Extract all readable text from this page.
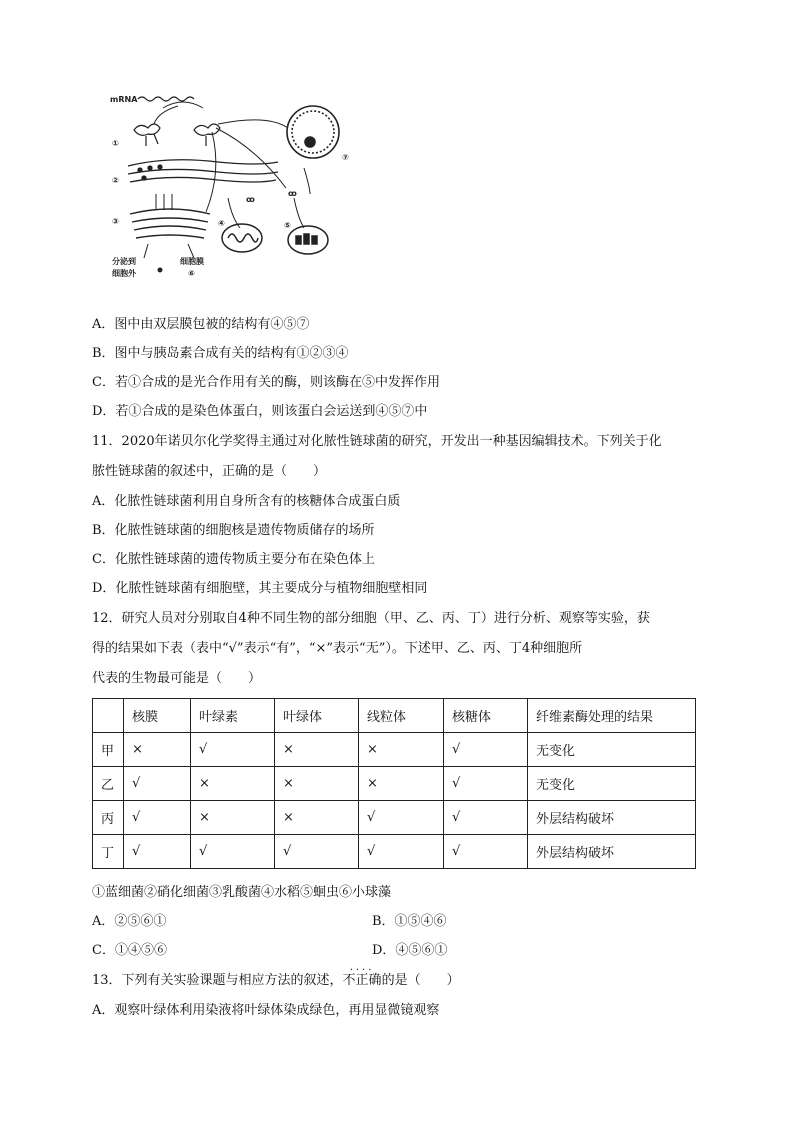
mRNA
①
②
③
分泌到
细胞外
细胞膜
⑥
ꝏ
ꝏ
⑦
④	⑤
A．图中由双层膜包被的结构有④⑤⑦
B．图中与胰岛素合成有关的结构有①②③④
C．若①合成的是光合作用有关的酶，则该酶在⑤中发挥作用
D．若①合成的是染色体蛋白，则该蛋白会运送到④⑤⑦中
11．2020年诺贝尔化学奖得主通过对化脓性链球菌的研究，开发出一种基因编辑技术。下列关于化
脓性链球菌的叙述中，正确的是（　　）
A．化脓性链球菌利用自身所含有的核糖体合成蛋白质
B．化脓性链球菌的细胞核是遗传物质储存的场所
C．化脓性链球菌的遗传物质主要分布在染色体上
D．化脓性链球菌有细胞壁，其主要成分与植物细胞壁相同
12．研究人员对分别取自4种不同生物的部分细胞（甲、乙、丙、丁）进行分析、观察等实验，获
得的结果如下表（表中“√”表示“有”，“×”表示“无”）。下述甲、乙、丙、丁4种细胞所
代表的生物最可能是（　　）
	核膜	叶绿素	叶绿体	线粒体	核糖体	纤维素酶处理的结果
甲	×	√	×	×	√	无变化
乙	√	×	×	×	√	无变化
丙	√	×	×	√	√	外层结构破坏
丁	√	√	√	√	√	外层结构破坏
①蓝细菌②硝化细菌③乳酸菌④水稻⑤蛔虫⑥小球藻
A．②⑤⑥①	B．①⑤④⑥
C．①④⑤⑥	D．④⑤⑥①
13．下列有关实验课题与相应方法的叙述，
····
不正确的是（　　）
A．观察叶绿体利用染液将叶绿体染成绿色，再用显微镜观察
